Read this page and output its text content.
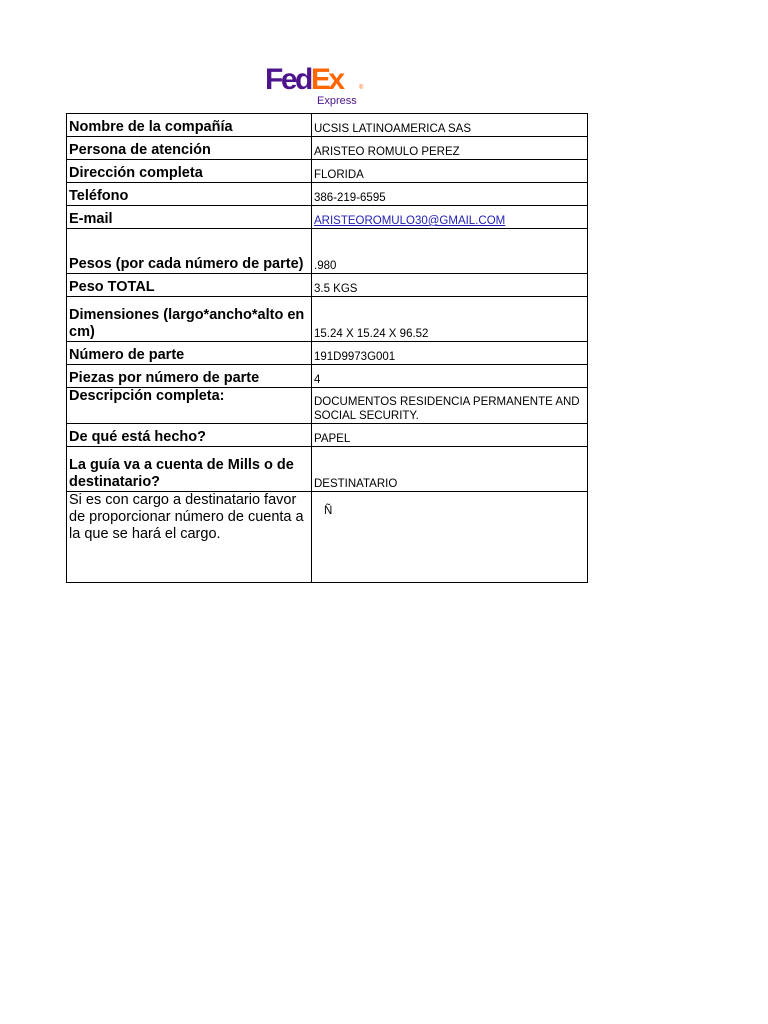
FedEx	®
Express
Nombre de la compañía	UCSIS LATINOAMERICA SAS
Persona de atención	ARISTEO ROMULO PEREZ
Dirección completa	FLORIDA
Teléfono	386-219-6595
E-mail	ARISTEOROMULO30@GMAIL.COM
Pesos (por cada número de parte)	.980
Peso TOTAL	3.5 KGS
Dimensiones (largo*ancho*alto en cm)	15.24 X 15.24 X 96.52
Número de parte	191D9973G001
Piezas por número de parte	4
Descripción completa:	DOCUMENTOS RESIDENCIA PERMANENTE AND SOCIAL SECURITY.
De qué está hecho?	PAPEL
La guía va a cuenta de Mills o de destinatario?	DESTINATARIO
Si es con cargo a destinatario favor de proporcionar número de cuenta a la que se hará el cargo.	Ñ
